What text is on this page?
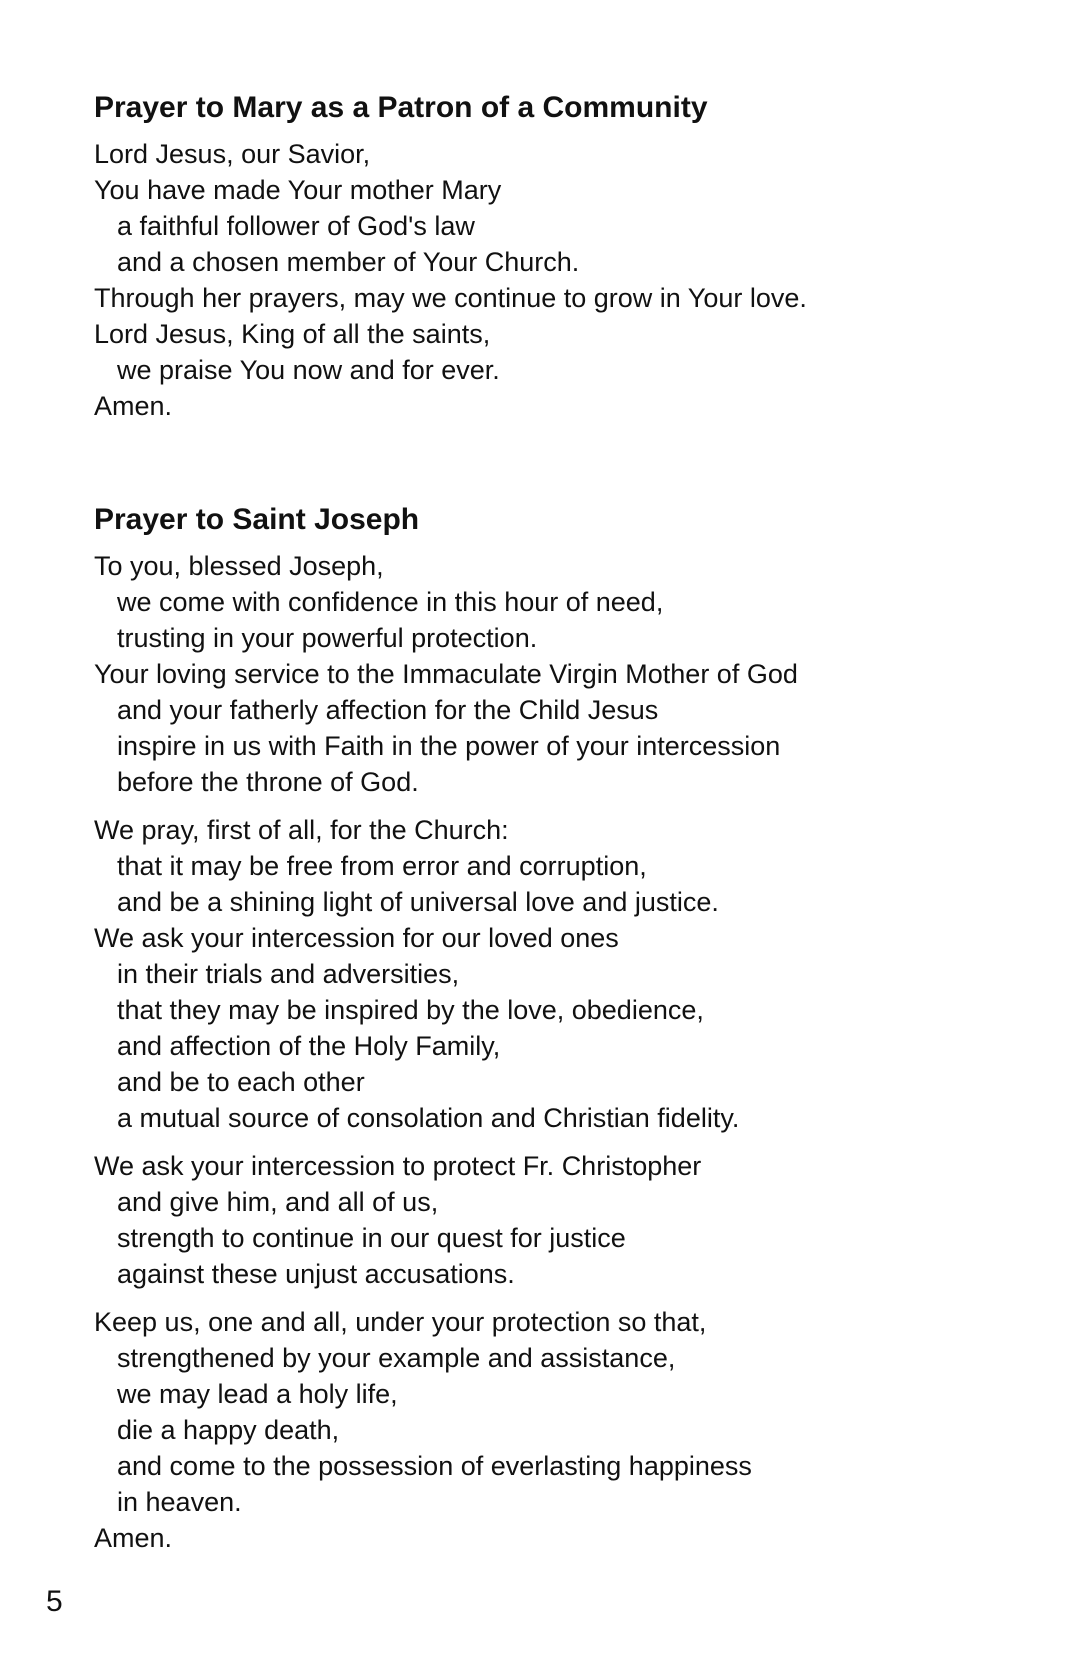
Prayer to Mary as a Patron of a Community
Lord Jesus, our Savior,
You have made Your mother Mary
a faithful follower of God's law
and a chosen member of Your Church.
Through her prayers, may we continue to grow in Your love.
Lord Jesus, King of all the saints,
we praise You now and for ever.
Amen.
Prayer to Saint Joseph
To you, blessed Joseph,
we come with confidence in this hour of need,
trusting in your powerful protection.
Your loving service to the Immaculate Virgin Mother of God
and your fatherly affection for the Child Jesus
inspire in us with Faith in the power of your intercession
before the throne of God.
We pray, first of all, for the Church:
that it may be free from error and corruption,
and be a shining light of universal love and justice.
We ask your intercession for our loved ones
in their trials and adversities,
that they may be inspired by the love, obedience,
and affection of the Holy Family,
and be to each other
a mutual source of consolation and Christian fidelity.
We ask your intercession to protect Fr. Christopher
and give him, and all of us,
strength to continue in our quest for justice
against these unjust accusations.
Keep us, one and all, under your protection so that,
strengthened by your example and assistance,
we may lead a holy life,
die a happy death,
and come to the possession of everlasting happiness
in heaven.
Amen.
5
